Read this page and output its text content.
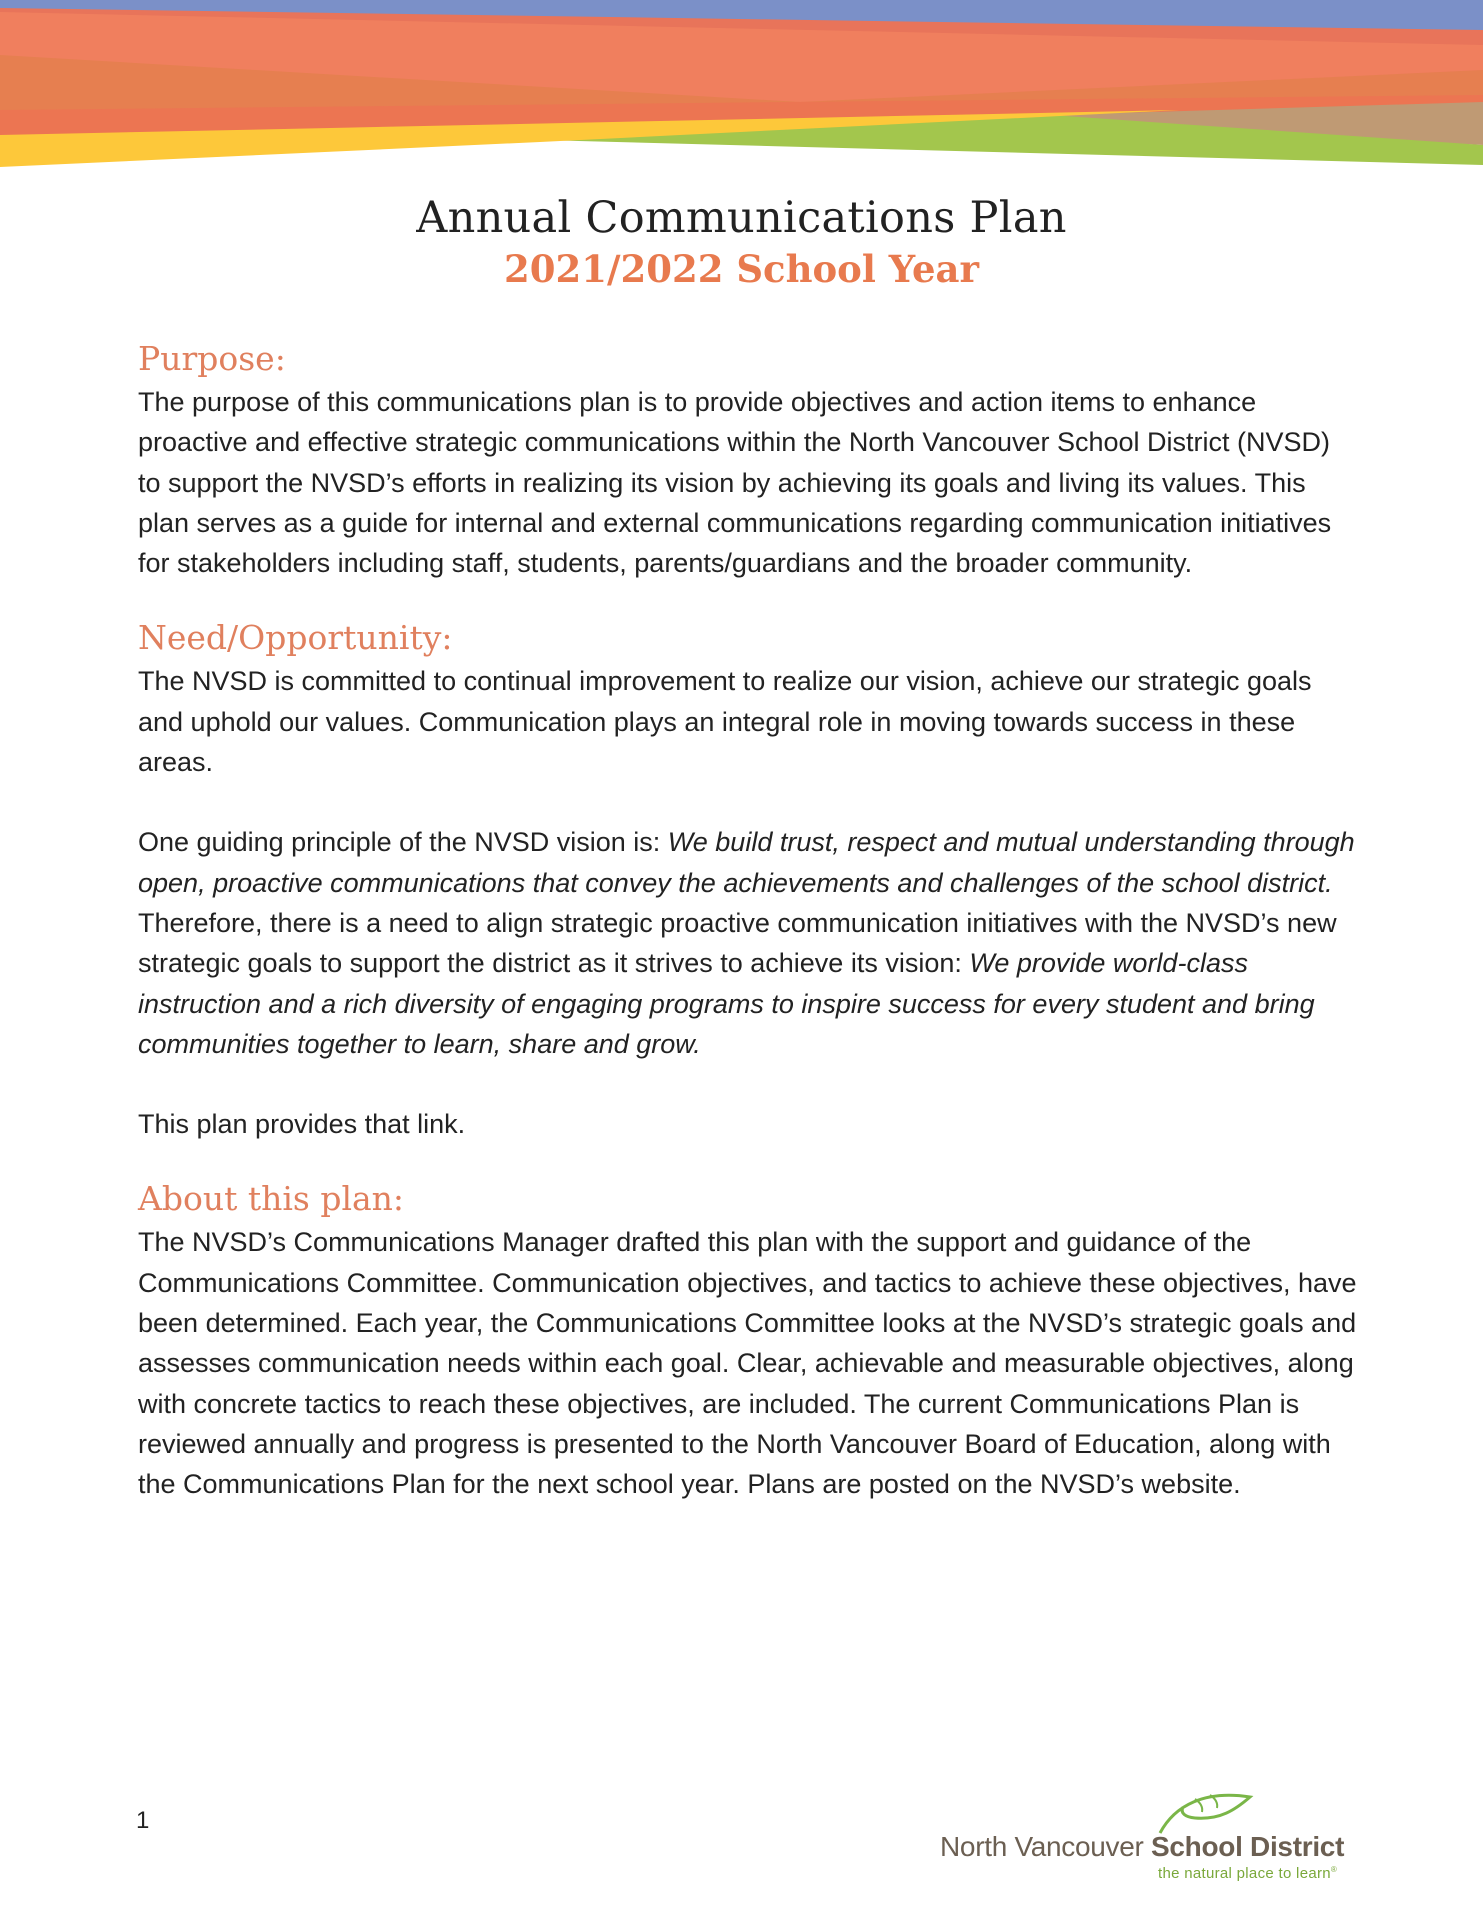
Annual Communications Plan
2021/2022 School Year
Purpose:

The purpose of this communications plan is to provide objectives and action items to enhance proactive and effective strategic communications within the North Vancouver School District (NVSD) to support the NVSD’s efforts in realizing its vision by achieving its goals and living its values. This plan serves as a guide for internal and external communications regarding communication initiatives for stakeholders including staff, students, parents/guardians and the broader community.

Need/Opportunity:

The NVSD is committed to continual improvement to realize our vision, achieve our strategic goals and uphold our values. Communication plays an integral role in moving towards success in these areas.

One guiding principle of the NVSD vision is: We build trust, respect and mutual understanding through open, proactive communications that convey the achievements and challenges of the school district. Therefore, there is a need to align strategic proactive communication initiatives with the NVSD’s new strategic goals to support the district as it strives to achieve its vision: We provide world-class instruction and a rich diversity of engaging programs to inspire success for every student and bring communities together to learn, share and grow.

This plan provides that link.

About this plan:

The NVSD’s Communications Manager drafted this plan with the support and guidance of the Communications Committee. Communication objectives, and tactics to achieve these objectives, have been determined. Each year, the Communications Committee looks at the NVSD’s strategic goals and assesses communication needs within each goal. Clear, achievable and measurable objectives, along with concrete tactics to reach these objectives, are included. The current Communications Plan is reviewed annually and progress is presented to the North Vancouver Board of Education, along with the Communications Plan for the next school year. Plans are posted on the NVSD’s website.

1
North Vancouver School District
the natural place to learn®
